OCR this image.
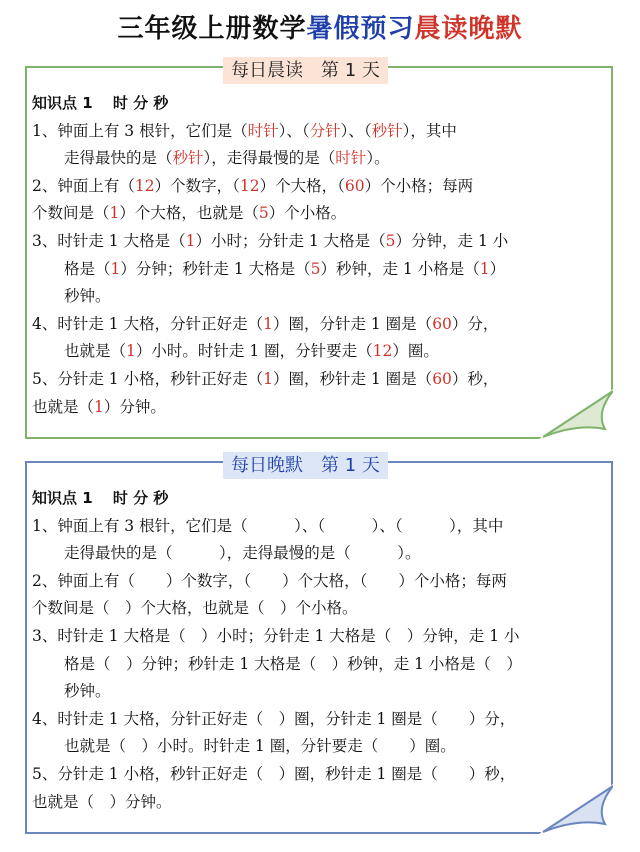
三年级上册数学暑假预习晨读晚默
每日晨读　第 1 天
知识点 1　 时 分 秒
1、钟面上有 3 根针，它们是（时针）、（分针）、（秒针），其中
走得最快的是（秒针），走得最慢的是（时针）。
2、钟面上有（12）个数字，（12）个大格，（60）个小格；每两
个数间是（1）个大格，也就是（5）个小格。
3、时针走 1 大格是（1）小时；分针走 1 大格是（5）分钟，走 1 小
格是（1）分钟；秒针走 1 大格是（5）秒钟，走 1 小格是（1）
秒钟。
4、时针走 1 大格，分针正好走（1）圈，分针走 1 圈是（60）分，
也就是（1）小时。时针走 1 圈，分针要走（12）圈。
5、分针走 1 小格，秒针正好走（1）圈，秒针走 1 圈是（60）秒，
也就是（1）分钟。
每日晚默　第 1 天
知识点 1　 时 分 秒
1、钟面上有 3 根针，它们是（　　　）、（　　　）、（　　　），其中
走得最快的是（　　　），走得最慢的是（　　　）。
2、钟面上有（　　）个数字，（　　）个大格，（　　）个小格；每两
个数间是（　）个大格，也就是（　）个小格。
3、时针走 1 大格是（　）小时；分针走 1 大格是（　）分钟，走 1 小
格是（　）分钟；秒针走 1 大格是（　）秒钟，走 1 小格是（　）
秒钟。
4、时针走 1 大格，分针正好走（　）圈，分针走 1 圈是（　　）分，
也就是（　）小时。时针走 1 圈，分针要走（　　）圈。
5、分针走 1 小格，秒针正好走（　）圈，秒针走 1 圈是（　　）秒，
也就是（　）分钟。
